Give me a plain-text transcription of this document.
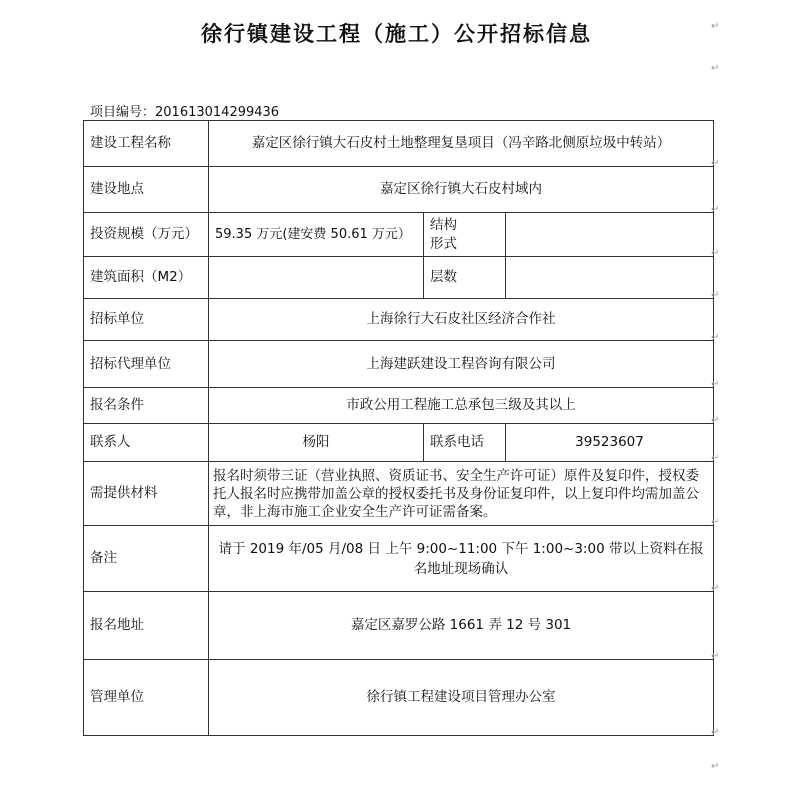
徐行镇建设工程（施工）公开招标信息	↵
↵
项目编号：201613014299436
建设工程名称	嘉定区徐行镇大石皮村土地整理复垦项目（冯辛路北侧原垃圾中转站）		
建设地点	嘉定区徐行镇大石皮村域内		
投资规模（万元）	59.35 万元(建安费 50.61 万元）	结构形式	
建筑面积（M2）		层数	
招标单位	上海徐行大石皮社区经济合作社		
招标代理单位	上海建跃建设工程咨询有限公司		
报名条件	市政公用工程施工总承包三级及其以上		
联系人	杨阳	联系电话	39523607
需提供材料	报名时须带三证（营业执照、资质证书、安全生产许可证）原件及复印件，授权委托人报名时应携带加盖公章的授权委托书及身份证复印件，以上复印件均需加盖公章，非上海市施工企业安全生产许可证需备案。		
备注	请于 2019 年/05 月/08 日 上午 9:00~11:00 下午 1:00~3:00 带以上资料在报名地址现场确认		
报名地址	嘉定区嘉罗公路 1661 弄 12 号 301		
管理单位	徐行镇工程建设项目管理办公室		
↵
↵
↵
↵
↵
↵
↵
↵
↵
↵
↵
↵
↵
